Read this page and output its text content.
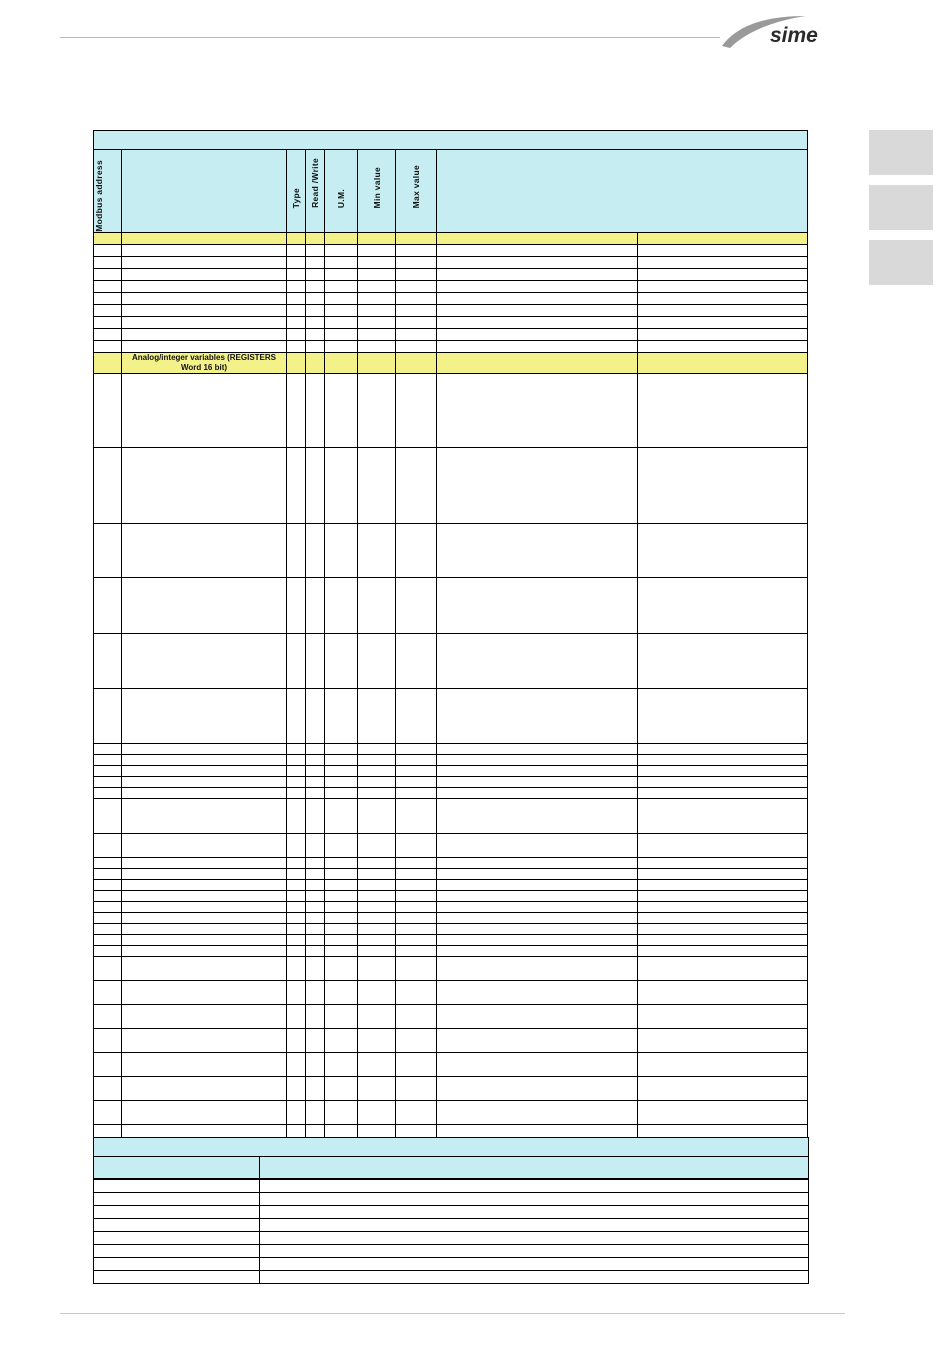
sime

Modbus address		Type	Read /Write	U.M.	Min value	Max value		

	Analog/integer variables (REGISTERS Word 16 bit)							
